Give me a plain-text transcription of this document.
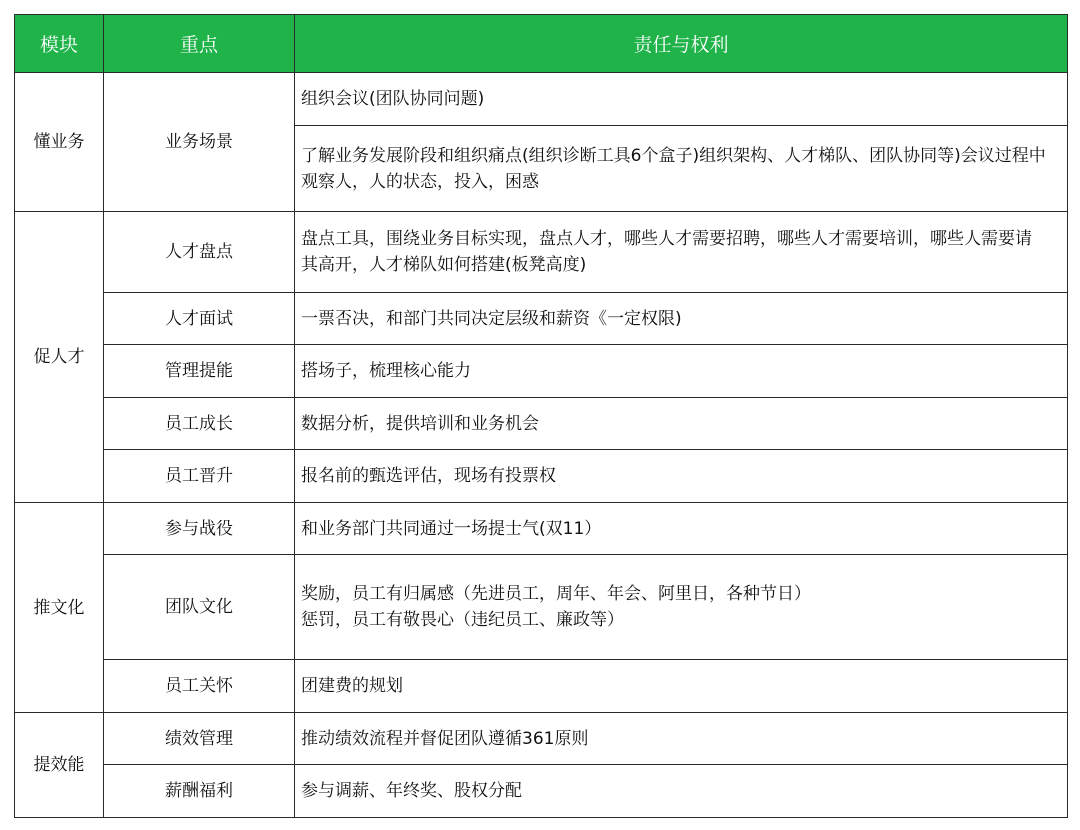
模块	重点	责任与权利
懂业务	业务场景	组织会议(团队协同问题)

		了解业务发展阶段和组织痛点(组织诊断工具6个盒子)组织架构、人才梯队、团队协同等)会议过程中
观察人，人的状态，投入，困惑

促人才	人才盘点	盘点工具，围绕业务目标实现，盘点人才，哪些人才需要招聘，哪些人才需要培训，哪些人需要请
其高开，人才梯队如何搭建(板凳高度)

	人才面试	一票否决，和部门共同决定层级和薪资《一定权限)

	管理提能	搭场子，梳理核心能力

	员工成长	数据分析，提供培训和业务机会

	员工晋升	报名前的甄选评估，现场有投票权

推文化	参与战役	和业务部门共同通过一场提士气(双11）

	团队文化	奖励，员工有归属感（先进员工，周年、年会、阿里日，各种节日）
惩罚，员工有敬畏心（违纪员工、廉政等）

	员工关怀	团建费的规划

提效能	绩效管理	推动绩效流程并督促团队遵循361原则

	薪酬福利	参与调薪、年终奖、股权分配
